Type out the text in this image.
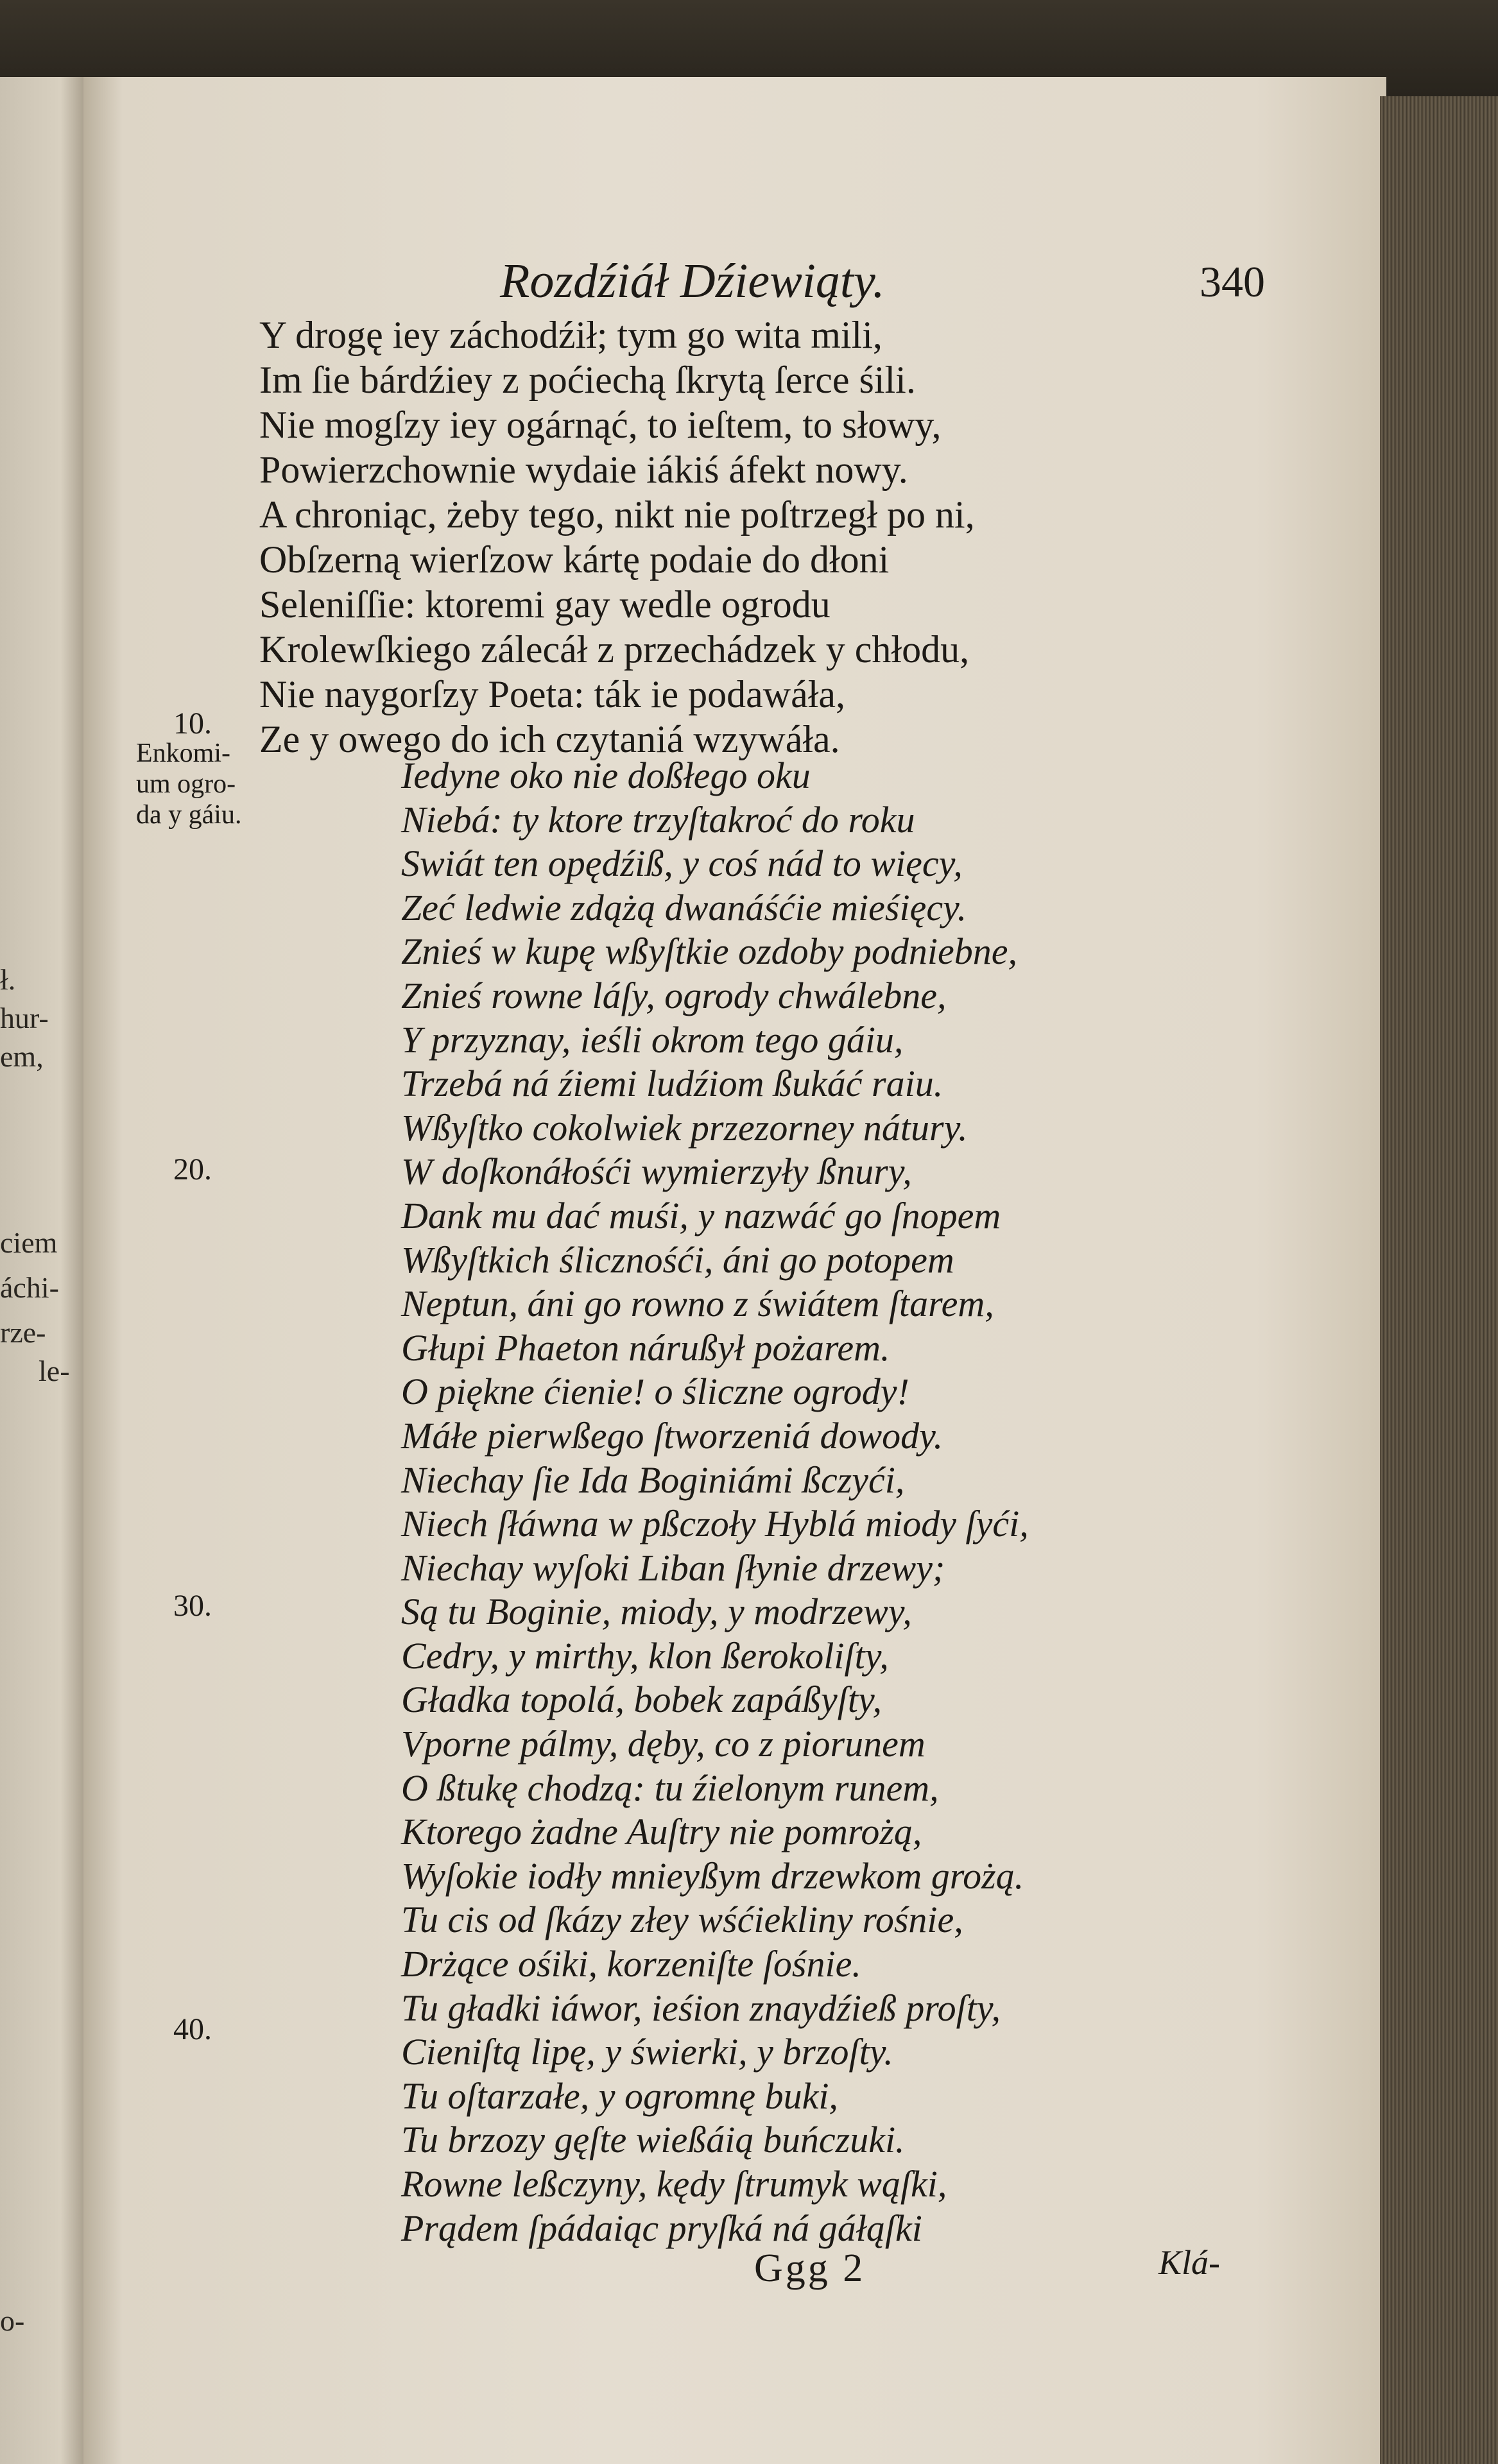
ł.
hur-
em,
ciem
áchi-
rze-
le-
o-
Rozdźiáł Dźiewiąty.	340
Y drogę iey záchodźił; tym go wita mili,
Im ſie bárdźiey z poćiechą ſkrytą ſerce śili.
Nie mogſzy iey ogárnąć, to ieſtem, to słowy,
Powierzchownie wydaie iákiś áfekt nowy.
A chroniąc, żeby tego, nikt nie poſtrzegł po ni,
Obſzerną wierſzow kártę podaie do dłoni
Seleniſſie: ktoremi gay wedle ogrodu
Krolewſkiego zálecáł z przechádzek y chłodu,
Nie naygorſzy Poeta: ták ie podawáła,
Ze y owego do ich czytaniá wzywáła.
Iedyne oko nie doßłego oku
Niebá: ty ktore trzyſtakroć do roku
Swiát ten opędźiß, y coś nád to więcy,
Zeć ledwie zdążą dwanáśćie mieśięcy.
Znieś w kupę wßyſtkie ozdoby podniebne,
Znieś rowne láſy, ogrody chwálebne,
Y przyznay, ieśli okrom tego gáiu,
Trzebá ná źiemi ludźiom ßukáć raiu.
Wßyſtko cokolwiek przezorney nátury.
W doſkonáłośći wymierzyły ßnury,
Dank mu dać muśi, y nazwáć go ſnopem
Wßyſtkich ślicznośći, áni go potopem
Neptun, áni go rowno z świátem ſtarem,
Głupi Phaeton nárußył pożarem.
O piękne ćienie! o śliczne ogrody!
Máłe pierwßego ſtworzeniá dowody.
Niechay ſie Ida Boginiámi ßczyći,
Niech ſłáwna w pßczoły Hyblá miody ſyći,
Niechay wyſoki Liban ſłynie drzewy;
Są tu Boginie, miody, y modrzewy,
Cedry, y mirthy, klon ßerokoliſty,
Gładka topolá, bobek zapáßyſty,
Vporne pálmy, dęby, co z piorunem
O ßtukę chodzą: tu źielonym runem,
Ktorego żadne Auſtry nie pomrożą,
Wyſokie iodły mnieyßym drzewkom grożą.
Tu cis od ſkázy złey wśćiekliny rośnie,
Drżące ośiki, korzeniſte ſośnie.
Tu gładki iáwor, ieśion znaydźieß proſty,
Cieniſtą lipę, y świerki, y brzoſty.
Tu oſtarzałe, y ogromnę buki,
Tu brzozy gęſte wießáią buńczuki.
Rowne leßczyny, kędy ſtrumyk wąſki,
Prądem ſpádaiąc pryſká ná gáłąſki
10.
20.
30.
40.
Enkomi-
um ogro-
da y gáiu.
Ggg 2	Klá-
